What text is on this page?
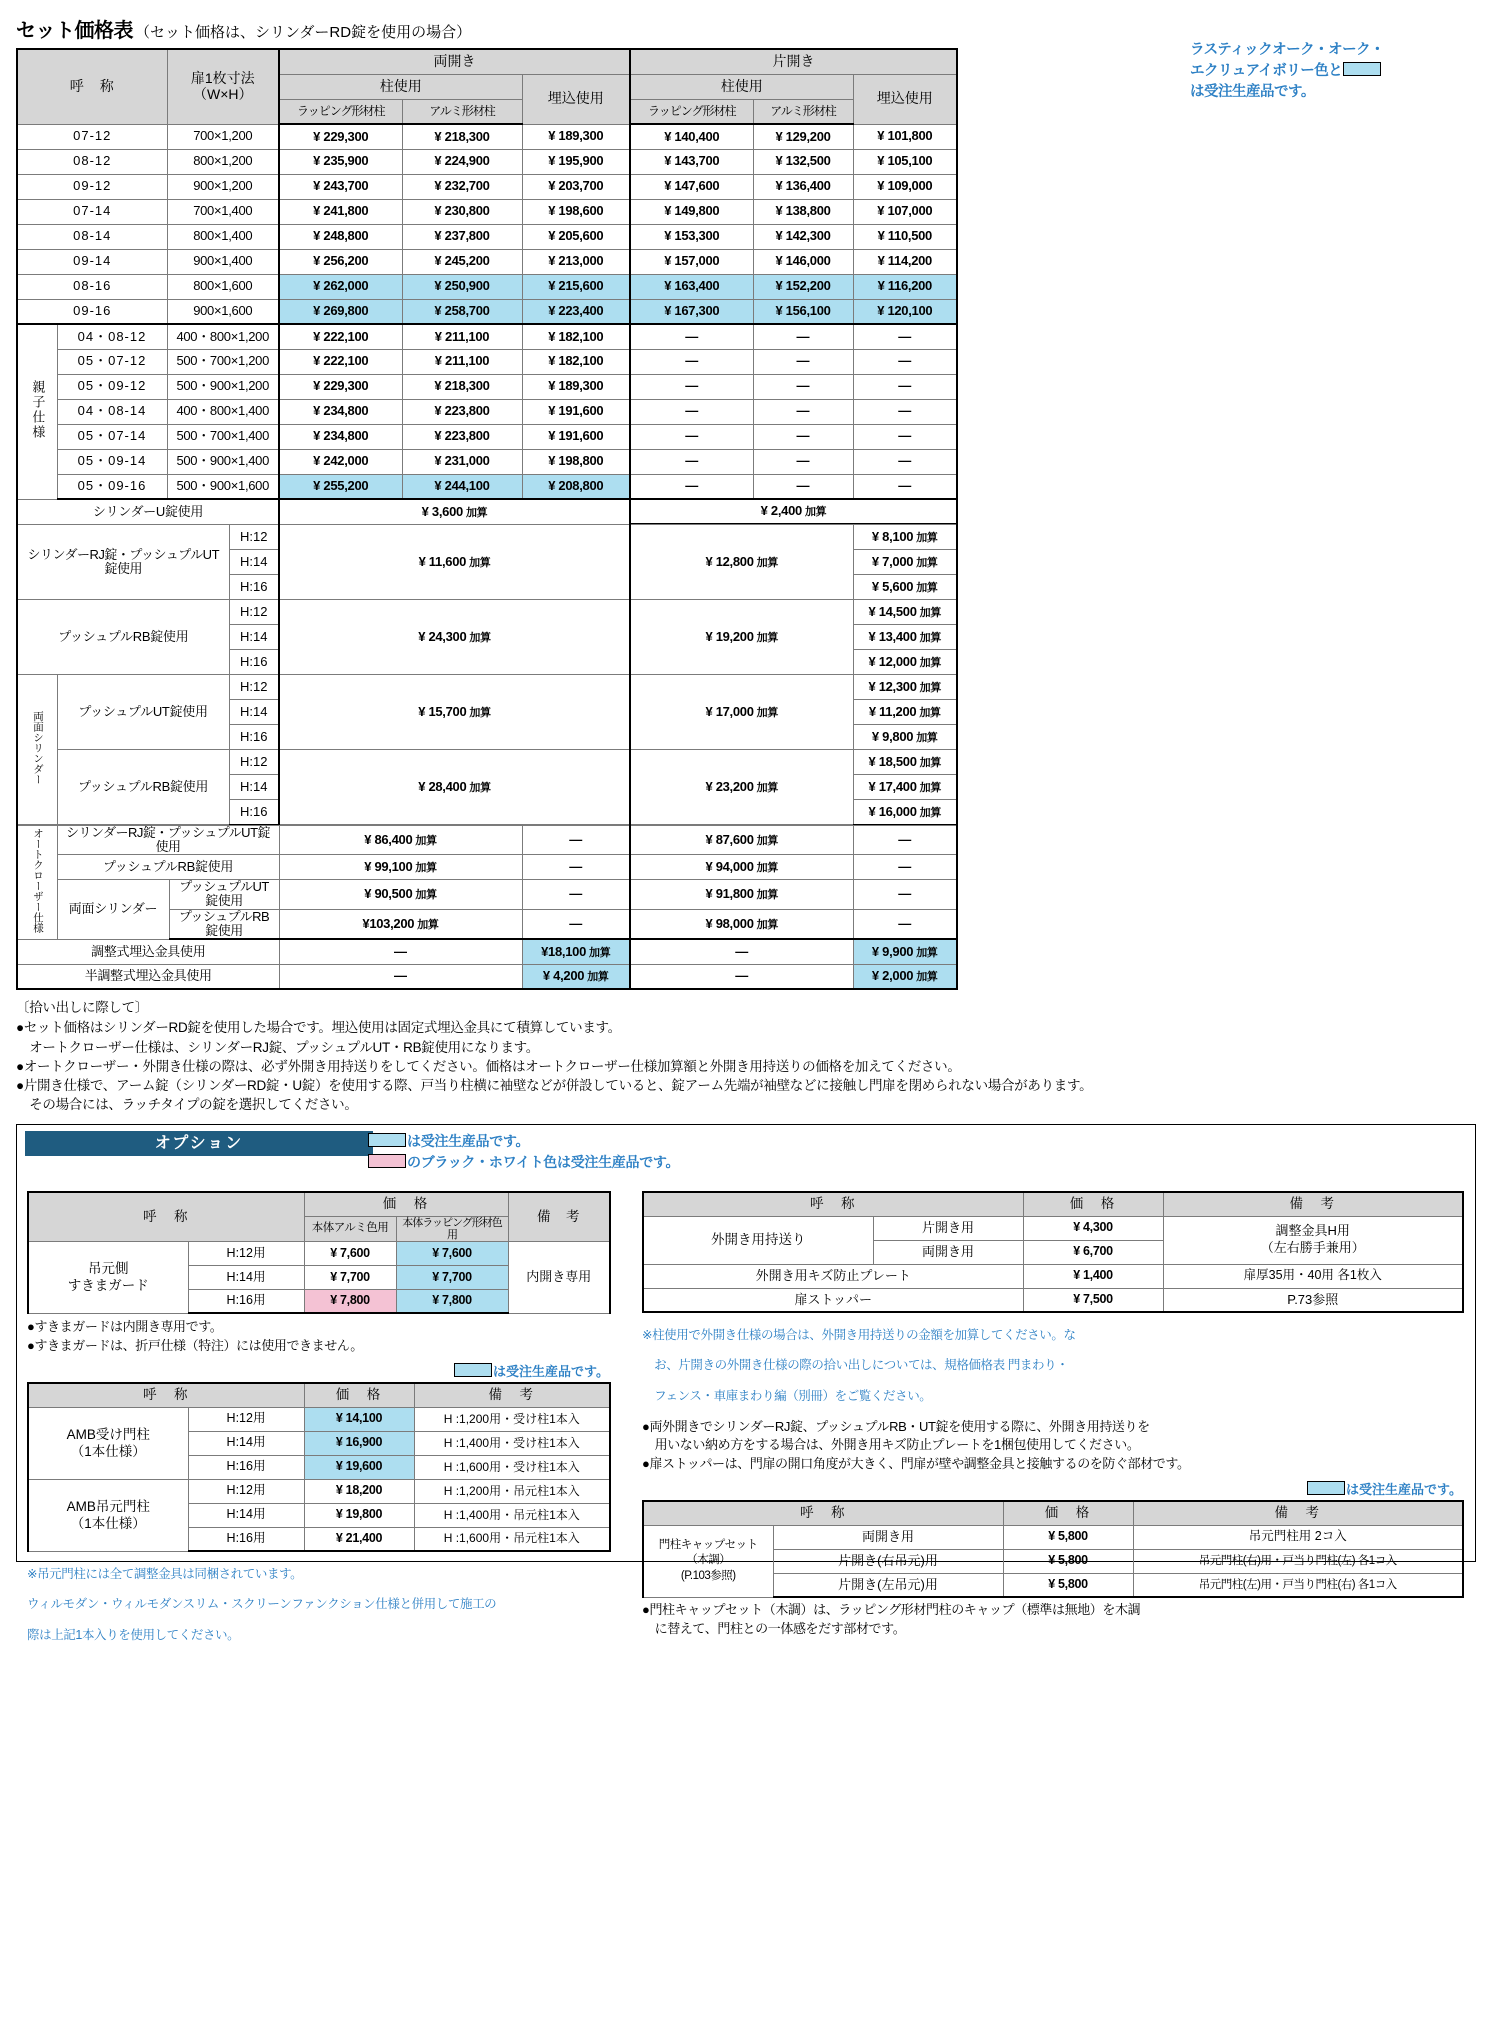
セット価格表 （セット価格は、シリンダーRD錠を使用の場合）
ラスティックオーク・オーク・
エクリュアイボリー色と
は受注生産品です。
呼　称		扉1枚寸法
（W×H）	両開き			片開き		
			柱使用		埋込使用	柱使用		埋込使用
			ラッピング形材柱	アルミ形材柱		ラッピング形材柱	アルミ形材柱	
07-12		700×1,200	¥ 229,300	¥ 218,300	¥ 189,300	¥ 140,400	¥ 129,200	¥ 101,800
08-12		800×1,200	¥ 235,900	¥ 224,900	¥ 195,900	¥ 143,700	¥ 132,500	¥ 105,100
09-12		900×1,200	¥ 243,700	¥ 232,700	¥ 203,700	¥ 147,600	¥ 136,400	¥ 109,000
07-14		700×1,400	¥ 241,800	¥ 230,800	¥ 198,600	¥ 149,800	¥ 138,800	¥ 107,000
08-14		800×1,400	¥ 248,800	¥ 237,800	¥ 205,600	¥ 153,300	¥ 142,300	¥ 110,500
09-14		900×1,400	¥ 256,200	¥ 245,200	¥ 213,000	¥ 157,000	¥ 146,000	¥ 114,200
08-16		800×1,600	¥ 262,000	¥ 250,900	¥ 215,600	¥ 163,400	¥ 152,200	¥ 116,200
09-16		900×1,600	¥ 269,800	¥ 258,700	¥ 223,400	¥ 167,300	¥ 156,100	¥ 120,100
親子仕様	04・08-12	400・800×1,200	¥ 222,100	¥ 211,100	¥ 182,100	—	—	—
	05・07-12	500・700×1,200	¥ 222,100	¥ 211,100	¥ 182,100	—	—	—
	05・09-12	500・900×1,200	¥ 229,300	¥ 218,300	¥ 189,300	—	—	—
	04・08-14	400・800×1,400	¥ 234,800	¥ 223,800	¥ 191,600	—	—	—
	05・07-14	500・700×1,400	¥ 234,800	¥ 223,800	¥ 191,600	—	—	—
	05・09-14	500・900×1,400	¥ 242,000	¥ 231,000	¥ 198,800	—	—	—
	05・09-16	500・900×1,600	¥ 255,200	¥ 244,100	¥ 208,800	—	—	—
シリンダーU錠使用			¥ 3,600 加算			¥ 2,400 加算		
シリンダーRJ錠・プッシュプルUT錠使用		H:12	¥ 11,600 加算	¥ 12,800 加算	¥ 8,100 加算
		H:14			¥ 7,000 加算
		H:16			¥ 5,600 加算
プッシュプルRB錠使用		H:12	¥ 24,300 加算	¥ 19,200 加算	¥ 14,500 加算
		H:14			¥ 13,400 加算
		H:16			¥ 12,000 加算
両面シリンダー	プッシュプルUT錠使用	H:12	¥ 15,700 加算	¥ 17,000 加算	¥ 12,300 加算
		H:14			¥ 11,200 加算
		H:16			¥ 9,800 加算
	プッシュプルRB錠使用	H:12	¥ 28,400 加算	¥ 23,200 加算	¥ 18,500 加算
		H:14			¥ 17,400 加算
		H:16			¥ 16,000 加算
オートクローザー仕様	シリンダーRJ錠・プッシュプルUT錠使用		¥ 86,400 加算	—	¥ 87,600 加算	—
	プッシュプルRB錠使用		¥ 99,100 加算	—	¥ 94,000 加算	—
	両面シリンダー	プッシュプルUT錠使用	¥ 90,500 加算	—	¥ 91,800 加算	—
		プッシュプルRB錠使用	¥103,200 加算	—	¥ 98,000 加算	—
調整式埋込金具使用			—	¥18,100 加算	—	¥ 9,900 加算
半調整式埋込金具使用			—	¥ 4,200 加算	—	¥ 2,000 加算

〔拾い出しに際して〕

●セット価格はシリンダーRD錠を使用した場合です。埋込使用は固定式埋込金具にて積算しています。

　オートクローザー仕様は、シリンダーRJ錠、プッシュプルUT・RB錠使用になります。

●オートクローザー・外開き仕様の際は、必ず外開き用持送りをしてください。価格はオートクローザー仕様加算額と外開き用持送りの価格を加えてください。

●片開き仕様で、アーム錠（シリンダーRD錠・U錠）を使用する際、戸当り柱横に袖壁などが併設していると、錠アーム先端が袖壁などに接触し門扉を閉められない場合があります。

　その場合には、ラッチタイプの錠を選択してください。

オプション	は受注生産品です。
のブラック・ホワイト色は受注生産品です。
呼　称		価　格		備　考
		本体アルミ色用	本体ラッピング形材色用	

吊元側
すきまガード	H:12用	¥ 7,600	¥ 7,600	内開き専用
	H:14用	¥ 7,700	¥ 7,700	
	H:16用	¥ 7,800	¥ 7,800	

●すきまガードは内開き専用です。

●すきまガードは、折戸仕様（特注）には使用できません。

は受注生産品です。
呼　称		価　格	備　考

AMB受け門柱
（1本仕様）	H:12用	¥ 14,100	H :1,200用・受け柱1本入
	H:14用	¥ 16,900	H :1,400用・受け柱1本入
	H:16用	¥ 19,600	H :1,600用・受け柱1本入

AMB吊元門柱
（1本仕様）	H:12用	¥ 18,200	H :1,200用・吊元柱1本入
	H:14用	¥ 19,800	H :1,400用・吊元柱1本入
	H:16用	¥ 21,400	H :1,600用・吊元柱1本入

※吊元門柱には全て調整金具は同梱されています。

ウィルモダン・ウィルモダンスリム・スクリーンファンクション仕様と併用して施工の

際は上記1本入りを使用してください。

呼　称		価　格	備　考
外開き用持送り	片開き用	¥ 4,300	調整金具H用
（左右勝手兼用）

	両開き用	¥ 6,700	
外開き用キズ防止プレート		¥ 1,400	扉厚35用・40用 各1枚入
扉ストッパー		¥ 7,500	P.73参照

※柱使用で外開き仕様の場合は、外開き用持送りの金額を加算してください。な

　お、片開きの外開き仕様の際の拾い出しについては、規格価格表 門まわり・

　フェンス・車庫まわり編（別冊）をご覧ください。

●両外開きでシリンダーRJ錠、プッシュプルRB・UT錠を使用する際に、外開き用持送りを

　用いない納め方をする場合は、外開き用キズ防止プレートを1梱包使用してください。

●扉ストッパーは、門扉の開口角度が大きく、門扉が壁や調整金具と接触するのを防ぐ部材です。

は受注生産品です。
呼　称		価　格	備　考

門柱キャップセット
（木調）
(P.103参照)	両開き用	¥ 5,800	吊元門柱用 2コ入
	片開き(右吊元)用	¥ 5,800	吊元門柱(右)用・戸当り門柱(左) 各1コ入
	片開き(左吊元)用	¥ 5,800	吊元門柱(左)用・戸当り門柱(右) 各1コ入

●門柱キャップセット（木調）は、ラッピング形材門柱のキャップ（標準は無地）を木調

　に替えて、門柱との一体感をだす部材です。
